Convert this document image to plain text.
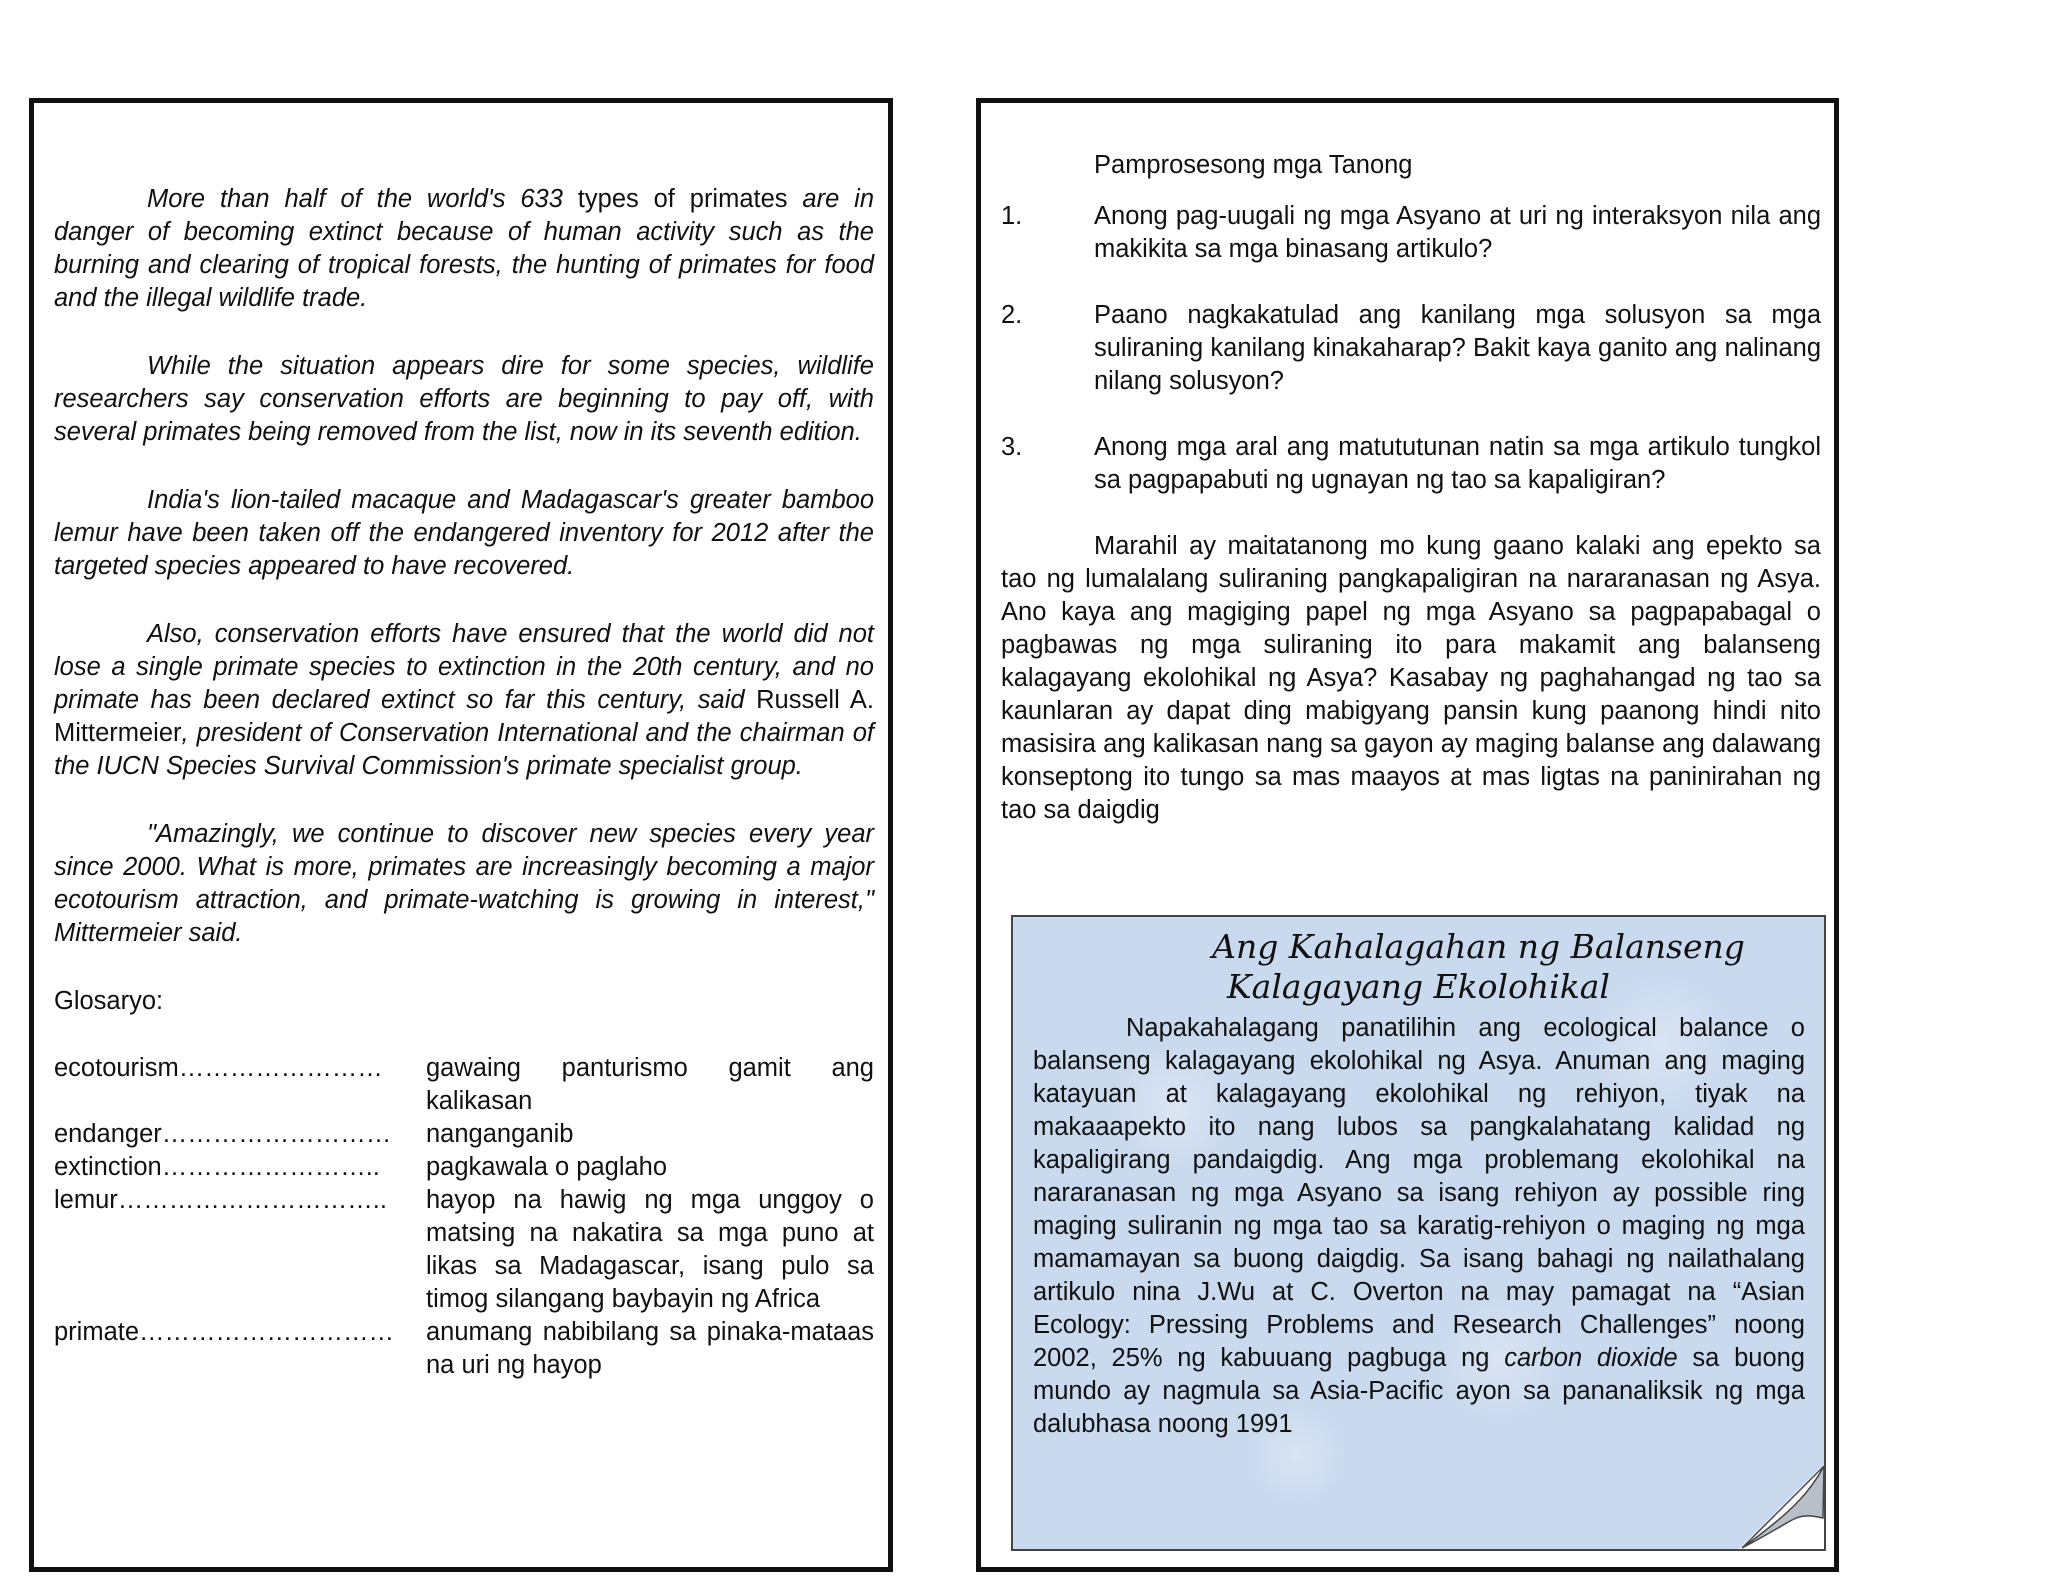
More than half of the world's 633 types of primates are in danger of becoming extinct because of human activity such as the burning and clearing of tropical forests, the hunting of primates for food and the illegal wildlife trade.

While the situation appears dire for some species, wildlife researchers say conservation efforts are beginning to pay off, with several primates being removed from the list, now in its seventh edition.

India's lion-tailed macaque and Madagascar's greater bamboo lemur have been taken off the endangered inventory for 2012 after the targeted species appeared to have recovered.

Also, conservation efforts have ensured that the world did not lose a single primate species to extinction in the 20th century, and no primate has been declared extinct so far this century, said Russell A. Mittermeier, president of Conservation International and the chairman of the IUCN Species Survival Commission's primate specialist group.

"Amazingly, we continue to discover new species every year since 2000. What is more, primates are increasingly becoming a major ecotourism attraction, and primate-watching is growing in interest," Mittermeier said.

Glosaryo:
ecotourism……………………	gawaing panturismo gamit ang kalikasan
endanger………………………	nanganganib
extinction……………………..	pagkawala o paglaho
lemur…………………………..	hayop na hawig ng mga unggoy o matsing na nakatira sa mga puno at likas sa Madagascar, isang pulo sa timog silangang baybayin ng Africa
primate…………………………	anumang nabibilang sa pinaka-mataas na uri ng hayop
Pamprosesong mga Tanong
1.	Anong pag-uugali ng mga Asyano at uri ng interaksyon nila ang makikita sa mga binasang artikulo?
2.	Paano nagkakatulad ang kanilang mga solusyon sa mga suliraning kanilang kinakaharap? Bakit kaya ganito ang nalinang nilang solusyon?
3.	Anong mga aral ang matututunan natin sa mga artikulo tungkol sa pagpapabuti ng ugnayan ng tao sa kapaligiran?

Marahil ay maitatanong mo kung gaano kalaki ang epekto sa tao ng lumalalang suliraning pangkapaligiran na nararanasan ng Asya. Ano kaya ang magiging papel ng mga Asyano sa pagpapabagal o pagbawas ng mga suliraning ito para makamit ang balanseng kalagayang ekolohikal ng Asya? Kasabay ng paghahangad ng tao sa kaunlaran ay dapat ding mabigyang pansin kung paanong hindi nito masisira ang kalikasan nang sa gayon ay maging balanse ang dalawang konseptong ito tungo sa mas maayos at mas ligtas na paninirahan ng tao sa daigdig

Ang Kahalagahan ng Balanseng
Kalagayang Ekolohikal

Napakahalagang panatilihin ang ecological balance o balanseng kalagayang ekolohikal ng Asya. Anuman ang maging katayuan at kalagayang ekolohikal ng rehiyon, tiyak na makaaapekto ito nang lubos sa pangkalahatang kalidad ng kapaligirang pandaigdig. Ang mga problemang ekolohikal na nararanasan ng mga Asyano sa isang rehiyon ay possible ring maging suliranin ng mga tao sa karatig-rehiyon o maging ng mga mamamayan sa buong daigdig. Sa isang bahagi ng nailathalang artikulo nina J.Wu at C. Overton na may pamagat na “Asian Ecology: Pressing Problems and Research Challenges” noong 2002, 25% ng kabuuang pagbuga ng carbon dioxide sa buong mundo ay nagmula sa Asia-Pacific ayon sa pananaliksik ng mga dalubhasa noong 1991
